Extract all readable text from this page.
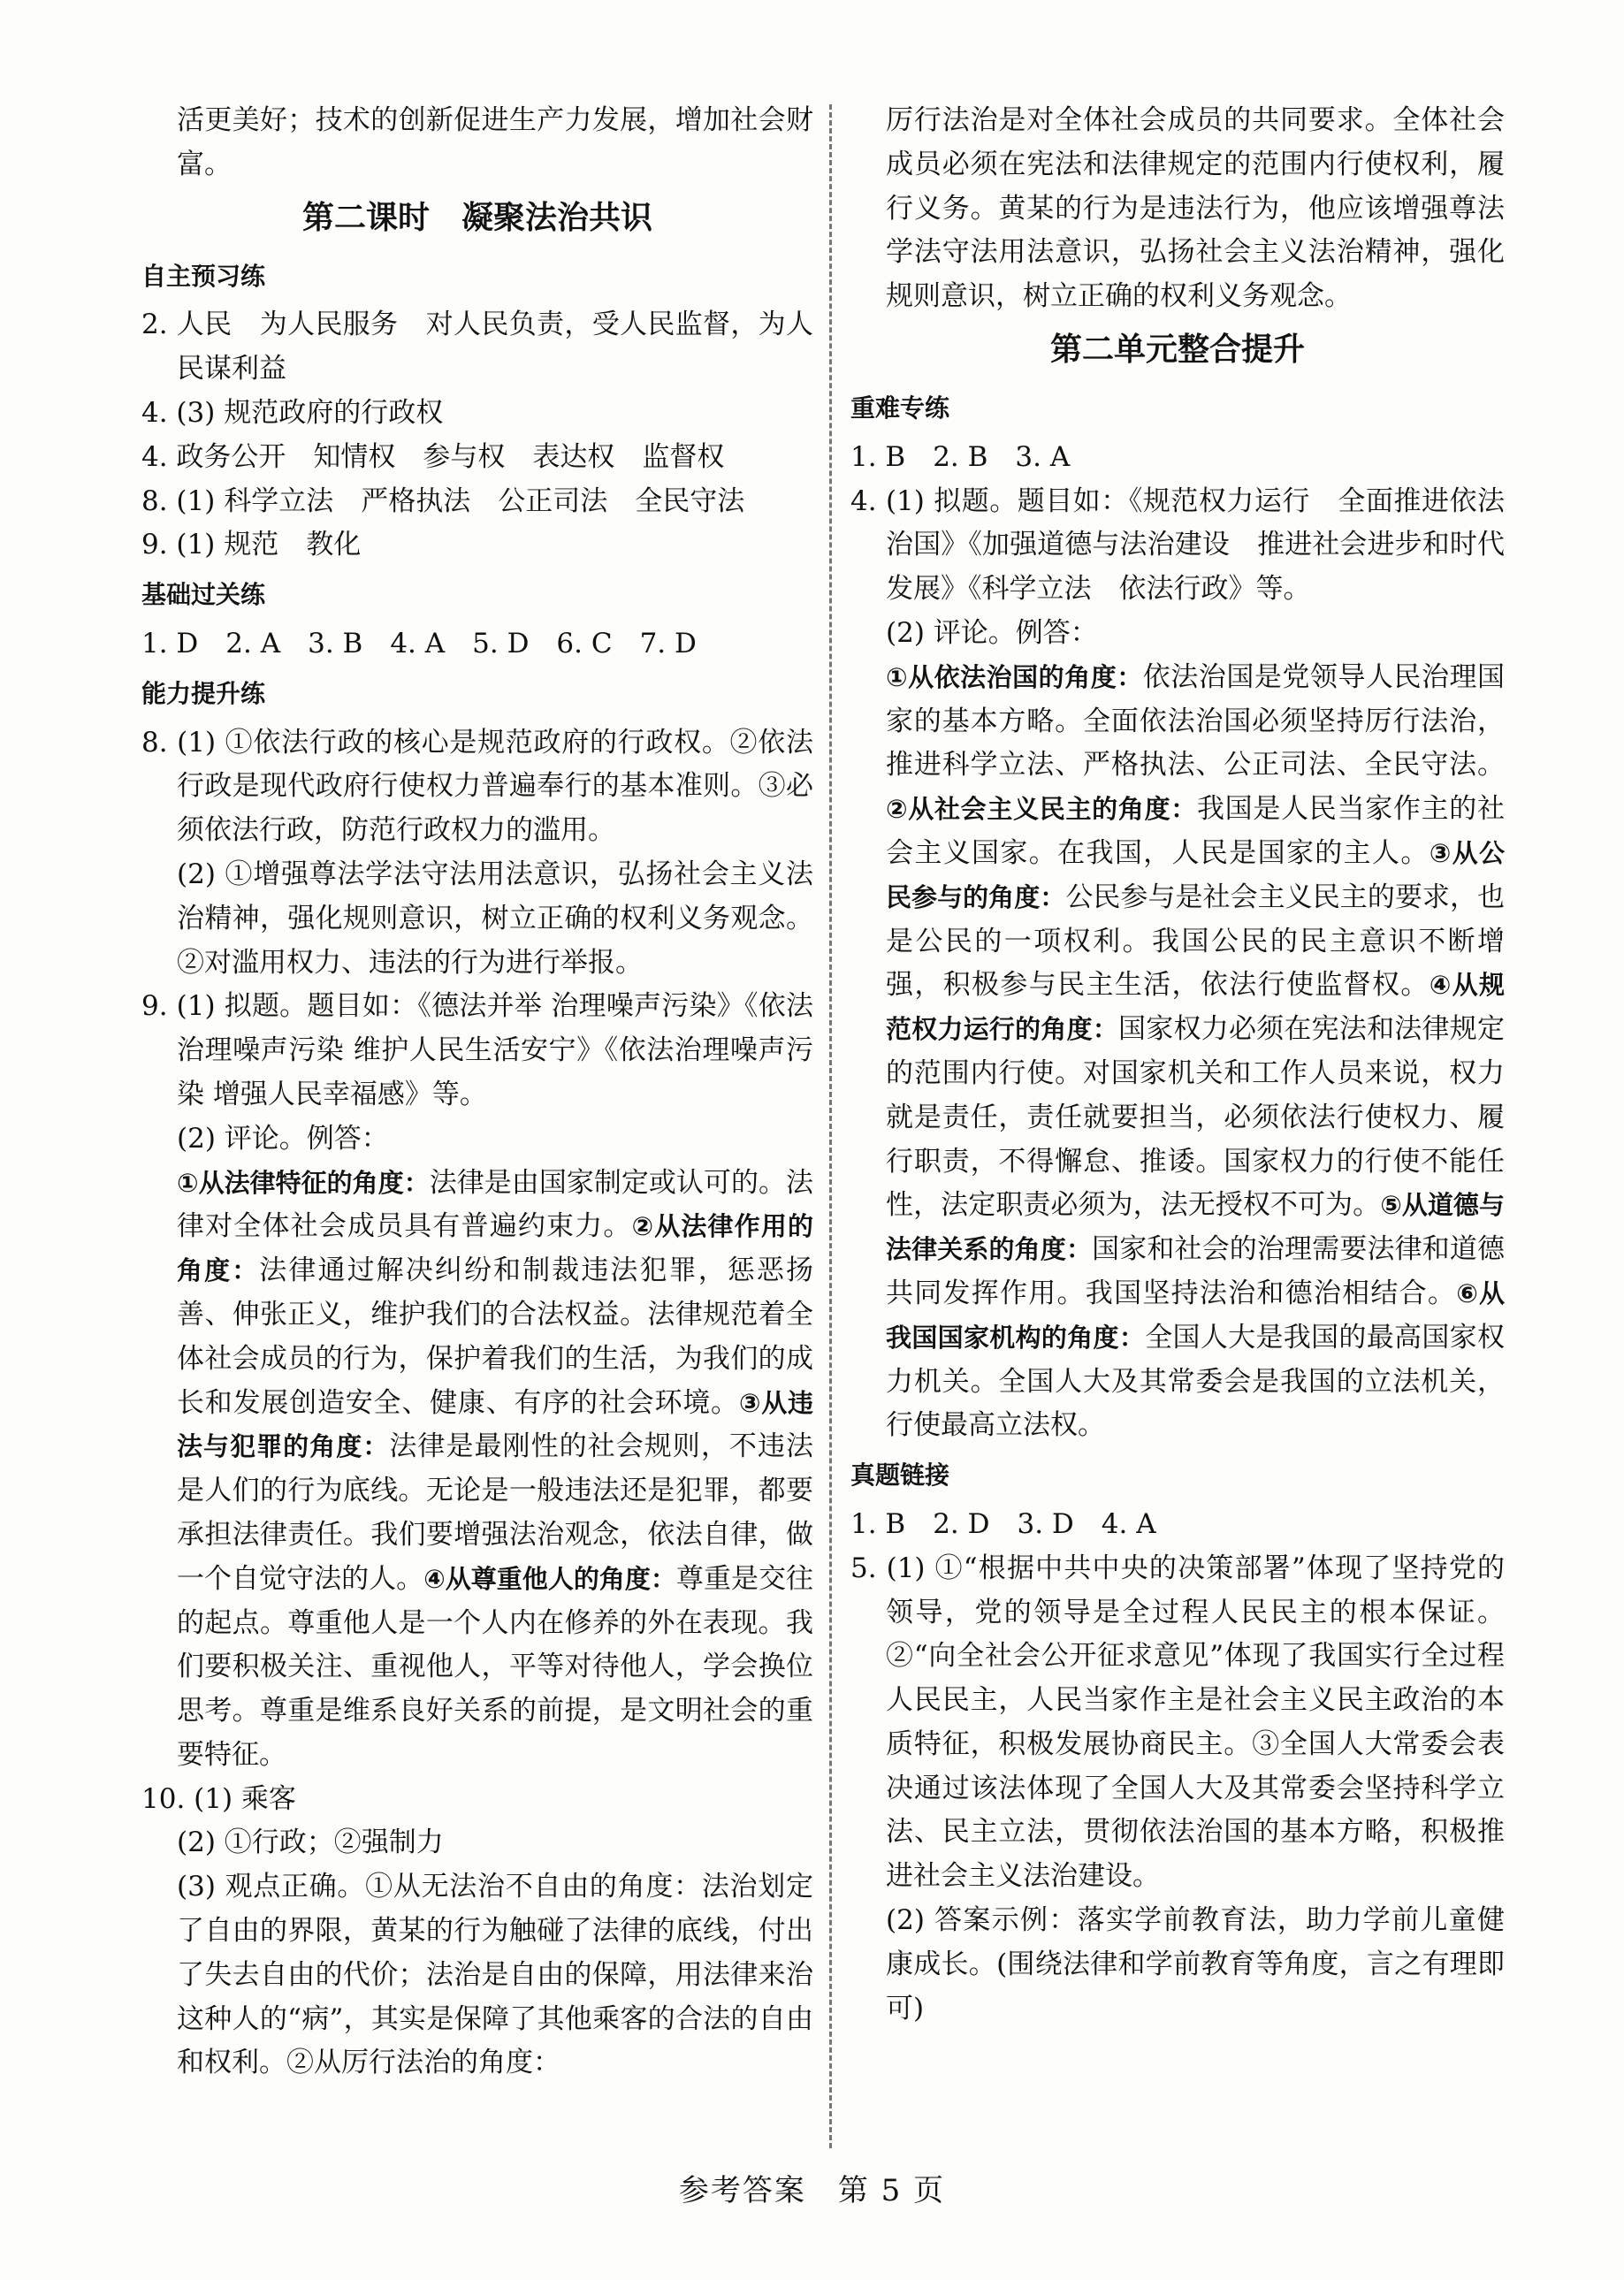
活更美好；技术的创新促进生产力发展，增加社会财富。

第二课时　凝聚法治共识

自主预习练

2. 人民　为人民服务　对人民负责，受人民监督，为人民谋利益

4. (3) 规范政府的行政权

4. 政务公开　知情权　参与权　表达权　监督权

8. (1) 科学立法　严格执法　公正司法　全民守法

9. (1) 规范　教化

基础过关练

1. D　2. A　3. B　4. A　5. D　6. C　7. D

能力提升练

8. (1) ①依法行政的核心是规范政府的行政权。②依法行政是现代政府行使权力普遍奉行的基本准则。③必须依法行政，防范行政权力的滥用。

(2) ①增强尊法学法守法用法意识，弘扬社会主义法治精神，强化规则意识，树立正确的权利义务观念。②对滥用权力、违法的行为进行举报。

9. (1) 拟题。题目如：《德法并举 治理噪声污染》《依法治理噪声污染 维护人民生活安宁》《依法治理噪声污染 增强人民幸福感》等。

(2) 评论。例答：

①从法律特征的角度：法律是由国家制定或认可的。法律对全体社会成员具有普遍约束力。②从法律作用的角度：法律通过解决纠纷和制裁违法犯罪，惩恶扬善、伸张正义，维护我们的合法权益。法律规范着全体社会成员的行为，保护着我们的生活，为我们的成长和发展创造安全、健康、有序的社会环境。③从违法与犯罪的角度：法律是最刚性的社会规则，不违法是人们的行为底线。无论是一般违法还是犯罪，都要承担法律责任。我们要增强法治观念，依法自律，做一个自觉守法的人。④从尊重他人的角度：尊重是交往的起点。尊重他人是一个人内在修养的外在表现。我们要积极关注、重视他人，平等对待他人，学会换位思考。尊重是维系良好关系的前提，是文明社会的重要特征。

10. (1) 乘客

(2) ①行政；②强制力

(3) 观点正确。①从无法治不自由的角度：法治划定了自由的界限，黄某的行为触碰了法律的底线，付出了失去自由的代价；法治是自由的保障，用法律来治这种人的“病”，其实是保障了其他乘客的合法的自由和权利。②从厉行法治的角度：

厉行法治是对全体社会成员的共同要求。全体社会成员必须在宪法和法律规定的范围内行使权利，履行义务。黄某的行为是违法行为，他应该增强尊法学法守法用法意识，弘扬社会主义法治精神，强化规则意识，树立正确的权利义务观念。

第二单元整合提升

重难专练

1. B　2. B　3. A

4. (1) 拟题。题目如：《规范权力运行　全面推进依法治国》《加强道德与法治建设　推进社会进步和时代发展》《科学立法　依法行政》等。

(2) 评论。例答：

①从依法治国的角度：依法治国是党领导人民治理国家的基本方略。全面依法治国必须坚持厉行法治，推进科学立法、严格执法、公正司法、全民守法。②从社会主义民主的角度：我国是人民当家作主的社会主义国家。在我国，人民是国家的主人。③从公民参与的角度：公民参与是社会主义民主的要求，也是公民的一项权利。我国公民的民主意识不断增强，积极参与民主生活，依法行使监督权。④从规范权力运行的角度：国家权力必须在宪法和法律规定的范围内行使。对国家机关和工作人员来说，权力就是责任，责任就要担当，必须依法行使权力、履行职责，不得懈怠、推诿。国家权力的行使不能任性，法定职责必须为，法无授权不可为。⑤从道德与法律关系的角度：国家和社会的治理需要法律和道德共同发挥作用。我国坚持法治和德治相结合。⑥从我国国家机构的角度：全国人大是我国的最高国家权力机关。全国人大及其常委会是我国的立法机关，行使最高立法权。

真题链接

1. B　2. D　3. D　4. A

5. (1) ①“根据中共中央的决策部署”体现了坚持党的领导，党的领导是全过程人民民主的根本保证。②“向全社会公开征求意见”体现了我国实行全过程人民民主，人民当家作主是社会主义民主政治的本质特征，积极发展协商民主。③全国人大常委会表决通过该法体现了全国人大及其常委会坚持科学立法、民主立法，贯彻依法治国的基本方略，积极推进社会主义法治建设。

(2) 答案示例：落实学前教育法，助力学前儿童健康成长。(围绕法律和学前教育等角度，言之有理即可)

参考答案　第 5 页
